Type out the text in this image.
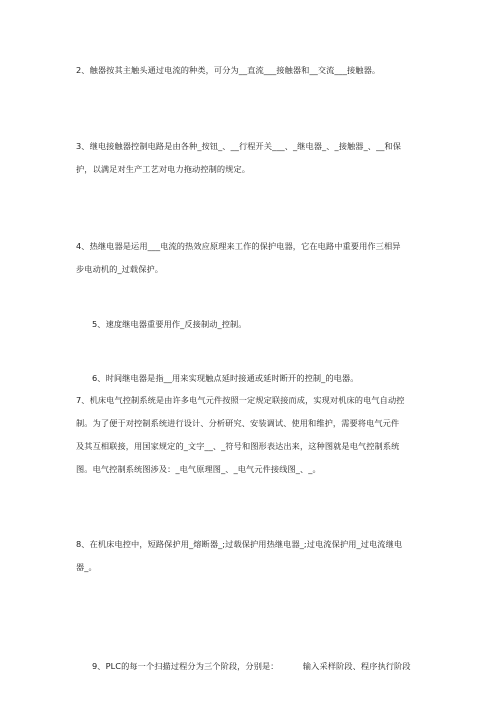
2、触器按其主触头通过电流的种类，可分为__直流___接触器和__交流___接触器。
3、继电接触器控制电路是由各种_按钮_、__行程开关___、_继电器_、_接触器_、__和保
护，以满足对生产工艺对电力拖动控制的规定。
4、热继电器是运用___电流的热效应原理来工作的保护电器，它在电路中重要用作三相异
步电动机的_过载保护。
5、速度继电器重要用作_反接制动_控制。
6、时间继电器是指__用来实现触点延时接通或延时断开的控制_的电器。
7、机床电气控制系统是由许多电气元件按照一定规定联接而成，实现对机床的电气自动控
制。为了便于对控制系统进行设计、分析研究、安装调试、使用和维护，需要将电气元件
及其互相联接，用国家规定的_文字__、_符号和图形表达出来，这种图就是电气控制系统
图。电气控制系统图涉及：_电气原理图_、_电气元件接线图_、_。
8、在机床电控中，短路保护用_熔断器_;过载保护用热继电器_;过电流保护用_过电流继电
器_。

9、PLC的每一个扫描过程分为三个阶段，分别是：         输入采样阶段、程序执行阶段
